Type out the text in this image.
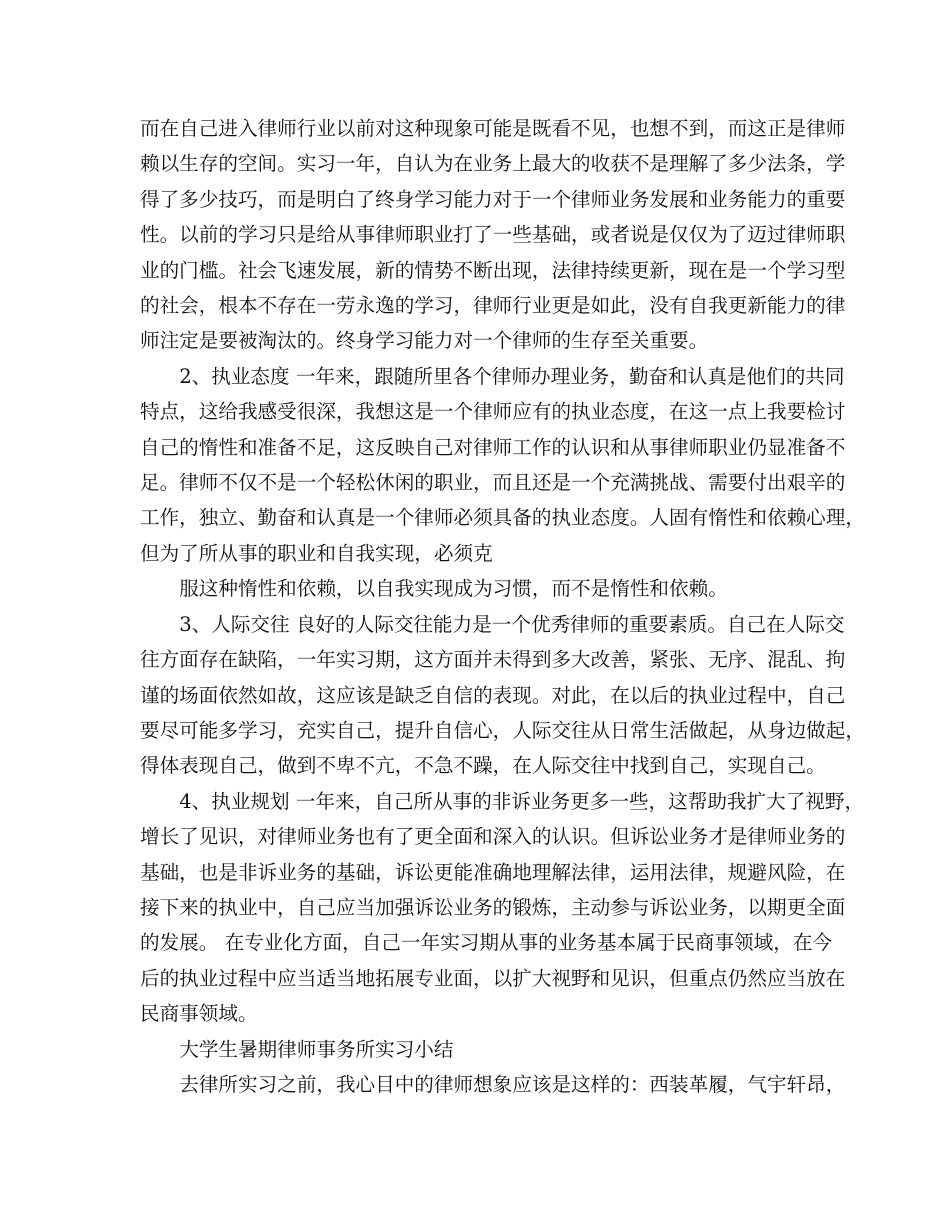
而在自己进入律师行业以前对这种现象可能是既看不见，也想不到，而这正是律师
赖以生存的空间。实习一年，自认为在业务上最大的收获不是理解了多少法条，学
得了多少技巧，而是明白了终身学习能力对于一个律师业务发展和业务能力的重要
性。以前的学习只是给从事律师职业打了一些基础，或者说是仅仅为了迈过律师职
业的门槛。社会飞速发展，新的情势不断出现，法律持续更新，现在是一个学习型
的社会，根本不存在一劳永逸的学习，律师行业更是如此，没有自我更新能力的律
师注定是要被淘汰的。终身学习能力对一个律师的生存至关重要。
2、执业态度 一年来，跟随所里各个律师办理业务，勤奋和认真是他们的共同
特点，这给我感受很深，我想这是一个律师应有的执业态度，在这一点上我要检讨
自己的惰性和准备不足，这反映自己对律师工作的认识和从事律师职业仍显准备不
足。律师不仅不是一个轻松休闲的职业，而且还是一个充满挑战、需要付出艰辛的
工作，独立、勤奋和认真是一个律师必须具备的执业态度。人固有惰性和依赖心理，
但为了所从事的职业和自我实现，必须克
服这种惰性和依赖，以自我实现成为习惯，而不是惰性和依赖。
3、人际交往 良好的人际交往能力是一个优秀律师的重要素质。自己在人际交
往方面存在缺陷，一年实习期，这方面并未得到多大改善，紧张、无序、混乱、拘
谨的场面依然如故，这应该是缺乏自信的表现。对此，在以后的执业过程中，自己
要尽可能多学习，充实自己，提升自信心，人际交往从日常生活做起，从身边做起，
得体表现自己，做到不卑不亢，不急不躁，在人际交往中找到自己，实现自己。
4、执业规划 一年来，自己所从事的非诉业务更多一些，这帮助我扩大了视野，
增长了见识，对律师业务也有了更全面和深入的认识。但诉讼业务才是律师业务的
基础，也是非诉业务的基础，诉讼更能准确地理解法律，运用法律，规避风险，在
接下来的执业中，自己应当加强诉讼业务的锻炼，主动参与诉讼业务，以期更全面
的发展。 在专业化方面，自己一年实习期从事的业务基本属于民商事领域，在今
后的执业过程中应当适当地拓展专业面，以扩大视野和见识，但重点仍然应当放在
民商事领域。
大学生暑期律师事务所实习小结
去律所实习之前，我心目中的律师想象应该是这样的：西装革履，气宇轩昂，
